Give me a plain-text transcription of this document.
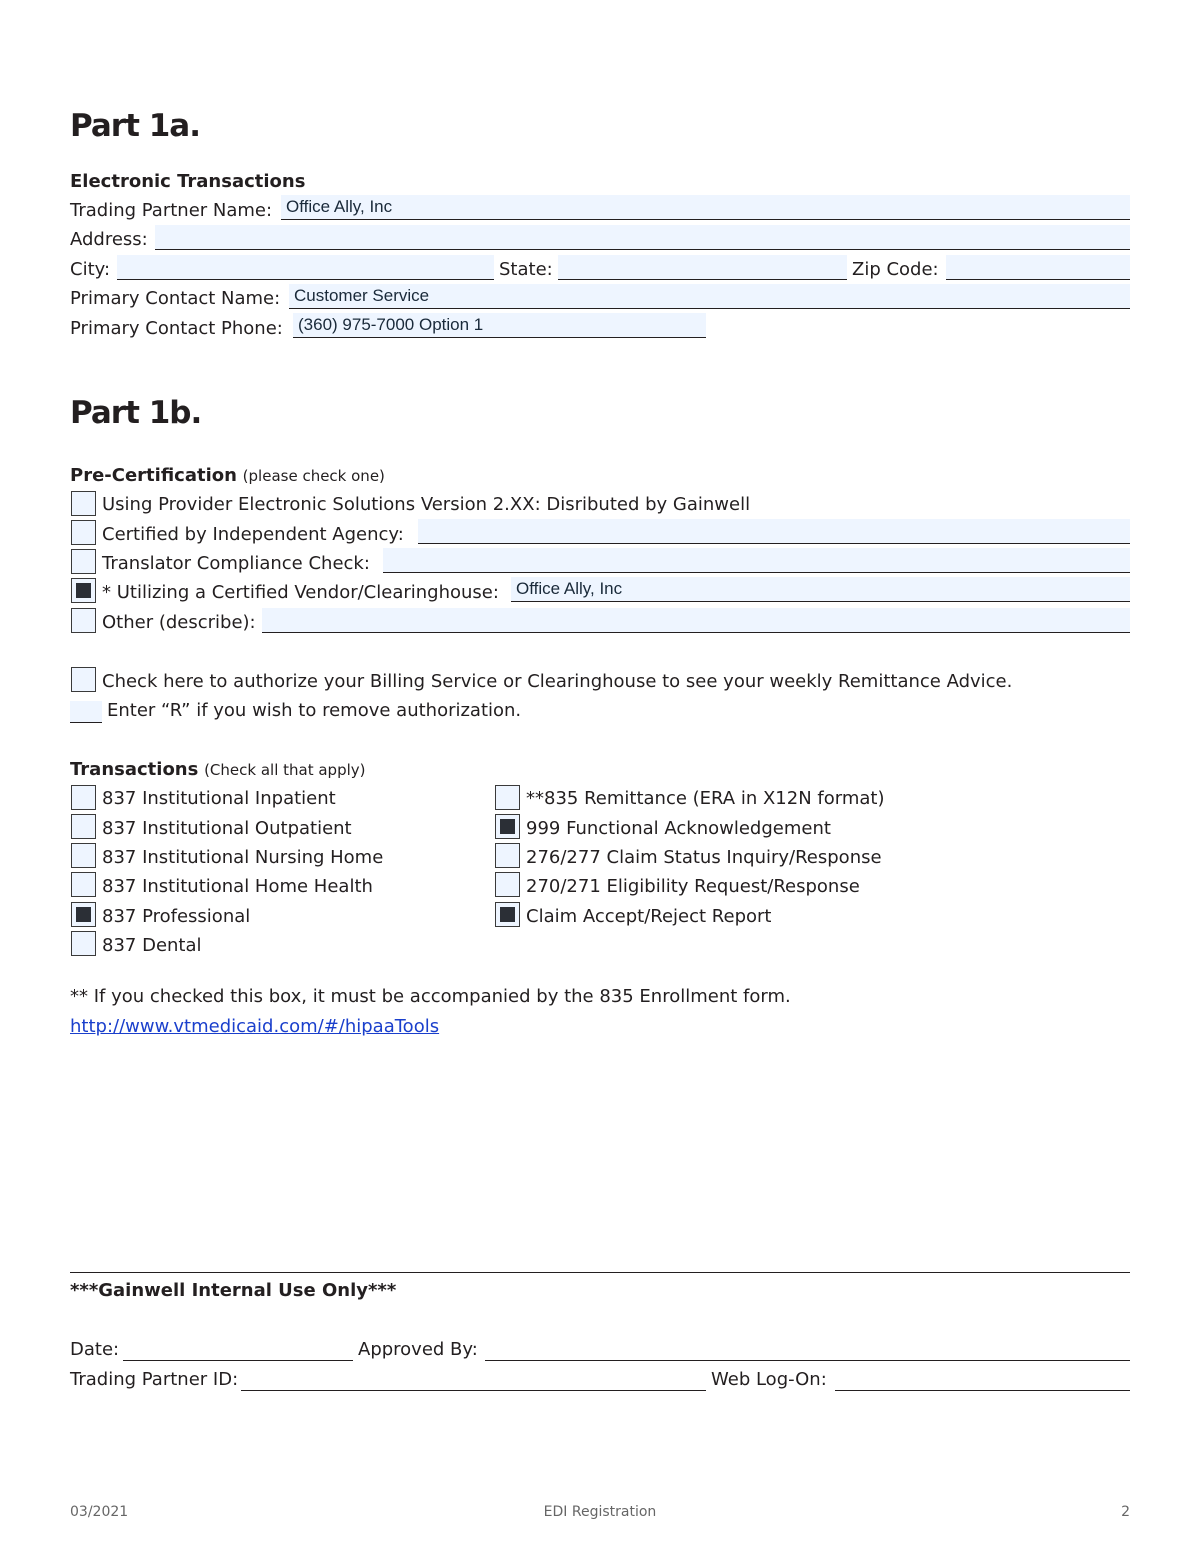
Part 1a.
Electronic Transactions
Trading Partner Name: Office Ally, Inc
Address:
City:	State:	Zip Code:
Primary Contact Name: Customer Service
Primary Contact Phone: (360) 975-7000 Option 1
Part 1b.
Pre-Certification (please check one)
Using Provider Electronic Solutions Version 2.XX: Disributed by Gainwell
Certified by Independent Agency:
Translator Compliance Check:
* Utilizing a Certified Vendor/Clearinghouse: Office Ally, Inc
Other (describe):
Check here to authorize your Billing Service or Clearinghouse to see your weekly Remittance Advice.
Enter “R” if you wish to remove authorization.
Transactions (Check all that apply)
837 Institutional Inpatient
837 Institutional Outpatient
837 Institutional Nursing Home
837 Institutional Home Health
837 Professional
837 Dental
**835 Remittance (ERA in X12N format)
999 Functional Acknowledgement
276/277 Claim Status Inquiry/Response
270/271 Eligibility Request/Response
Claim Accept/Reject Report
** If you checked this box, it must be accompanied by the 835 Enrollment form.
http://www.vtmedicaid.com/#/hipaaTools
***Gainwell Internal Use Only***
Date:	Approved By:
Trading Partner ID:	Web Log-On:
03/2021	EDI Registration	2
